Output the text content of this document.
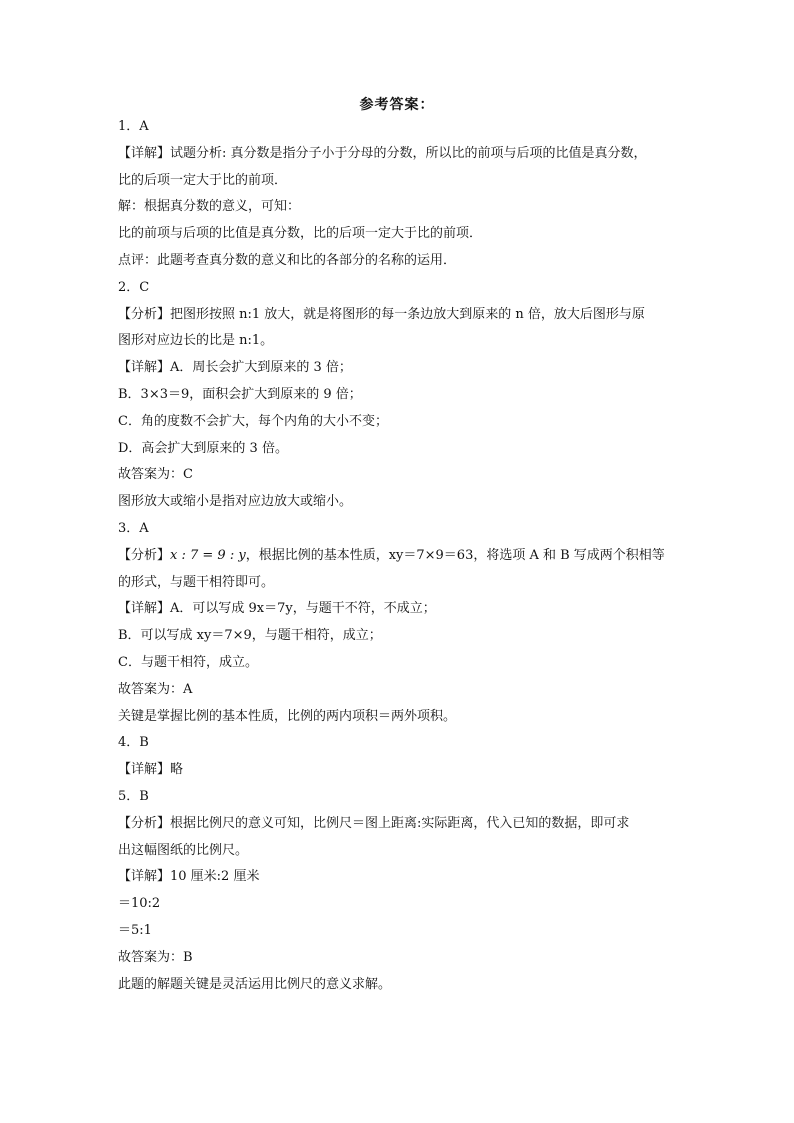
参考答案：
1．A
【详解】试题分析: 真分数是指分子小于分母的分数，所以比的前项与后项的比值是真分数，
比的后项一定大于比的前项．
解：根据真分数的意义，可知：
比的前项与后项的比值是真分数，比的后项一定大于比的前项．
点评：此题考查真分数的意义和比的各部分的名称的运用．
2．C
【分析】把图形按照 n:1 放大，就是将图形的每一条边放大到原来的 n 倍，放大后图形与原
图形对应边长的比是 n:1。
【详解】A．周长会扩大到原来的 3 倍；
B．3×3＝9，面积会扩大到原来的 9 倍；
C．角的度数不会扩大，每个内角的大小不变；
D．高会扩大到原来的 3 倍。
故答案为：C
图形放大或缩小是指对应边放大或缩小。
3．A
【分析】x : 7 = 9 : y，根据比例的基本性质，xy＝7×9＝63，将选项 A 和 B 写成两个积相等
的形式，与题干相符即可。
【详解】A．可以写成 9x＝7y，与题干不符，不成立；
B．可以写成 xy＝7×9，与题干相符，成立；
C．与题干相符，成立。
故答案为：A
关键是掌握比例的基本性质，比例的两内项积＝两外项积。
4．B
【详解】略
5．B
【分析】根据比例尺的意义可知，比例尺＝图上距离:实际距离，代入已知的数据，即可求
出这幅图纸的比例尺。
【详解】10 厘米:2 厘米
＝10:2
＝5:1
故答案为：B
此题的解题关键是灵活运用比例尺的意义求解。
